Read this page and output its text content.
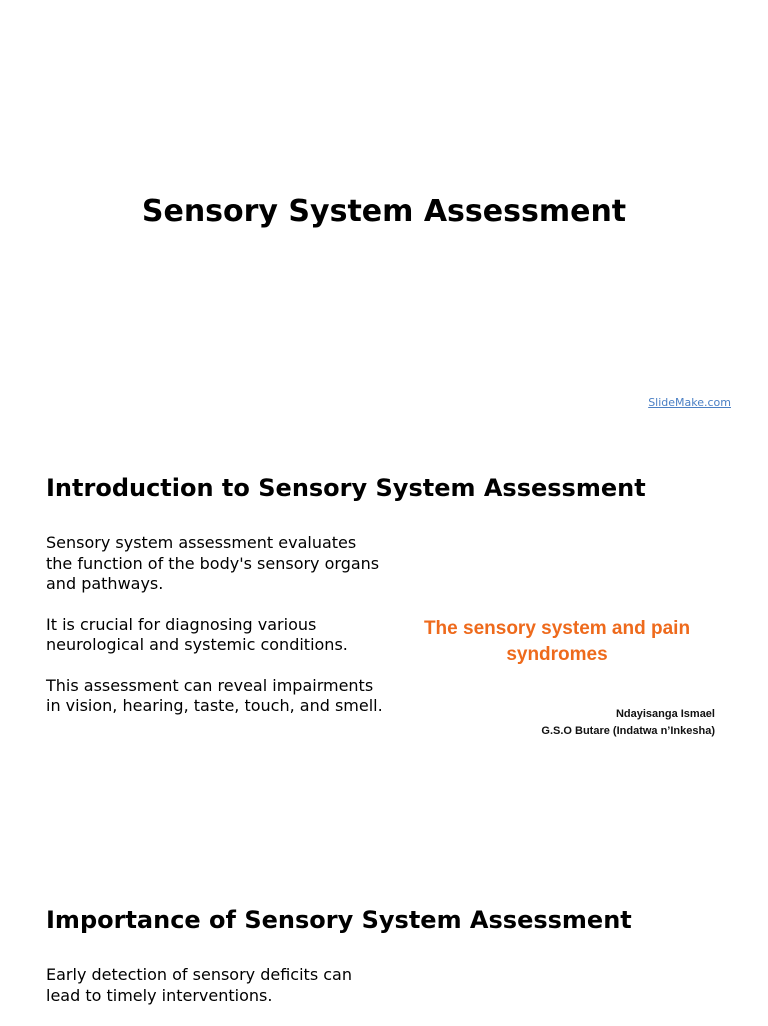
Sensory System Assessment
SlideMake.com
Introduction to Sensory System Assessment
Sensory system assessment evaluates the function of the body's sensory organs and pathways.
It is crucial for diagnosing various neurological and systemic conditions.
This assessment can reveal impairments in vision, hearing, taste, touch, and smell.

The sensory system and pain syndromes

Ndayisanga Ismael
G.S.O Butare (Indatwa n’Inkesha)
Importance of Sensory System Assessment
Early detection of sensory deficits can lead to timely interventions.
